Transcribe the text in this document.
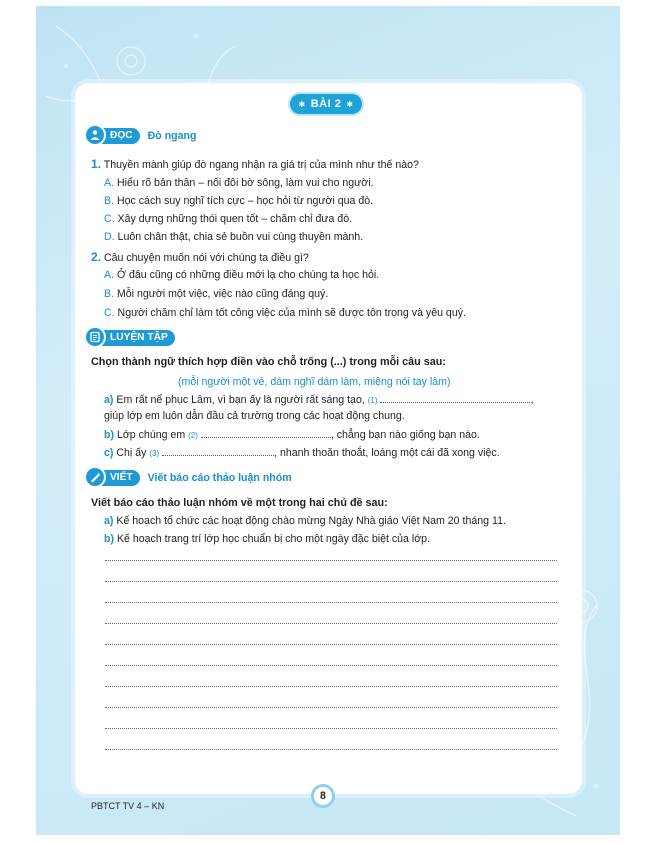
✱ BÀI 2 ✱
ĐỌC	Đò ngang
1. Thuyền mành giúp đò ngang nhận ra giá trị của mình như thế nào?
A. Hiểu rõ bản thân – nối đôi bờ sông, làm vui cho người.
B. Học cách suy nghĩ tích cực – học hỏi từ người qua đò.
C. Xây dựng những thói quen tốt – chăm chỉ đưa đò.
D. Luôn chân thật, chia sẻ buồn vui cùng thuyền mành.
2. Câu chuyện muốn nói với chúng ta điều gì?
A. Ở đâu cũng có những điều mới lạ cho chúng ta học hỏi.
B. Mỗi người một việc, việc nào cũng đáng quý.
C. Người chăm chỉ làm tốt công việc của mình sẽ được tôn trọng và yêu quý.
LUYỆN TẬP
Chọn thành ngữ thích hợp điền vào chỗ trống (...) trong mỗi câu sau:
(mỗi người một vẻ, dám nghĩ dám làm, miệng nói tay làm)
a) Em rất nể phục Lâm, vì bạn ấy là người rất sáng tạo, (1)	,
giúp lớp em luôn dẫn đầu cả trường trong các hoạt động chung.
b) Lớp chúng em (2)	, chẳng bạn nào giống bạn nào.
c) Chị ấy (3)	, nhanh thoăn thoắt, loáng một cái đã xong việc.
VIẾT	Viết báo cáo thảo luận nhóm
Viết báo cáo thảo luận nhóm về một trong hai chủ đề sau:
a) Kế hoạch tổ chức các hoạt động chào mừng Ngày Nhà giáo Việt Nam 20 tháng 11.
b) Kế hoạch trang trí lớp học chuẩn bị cho một ngày đặc biệt của lớp.
8
PBTCT TV 4 – KN
